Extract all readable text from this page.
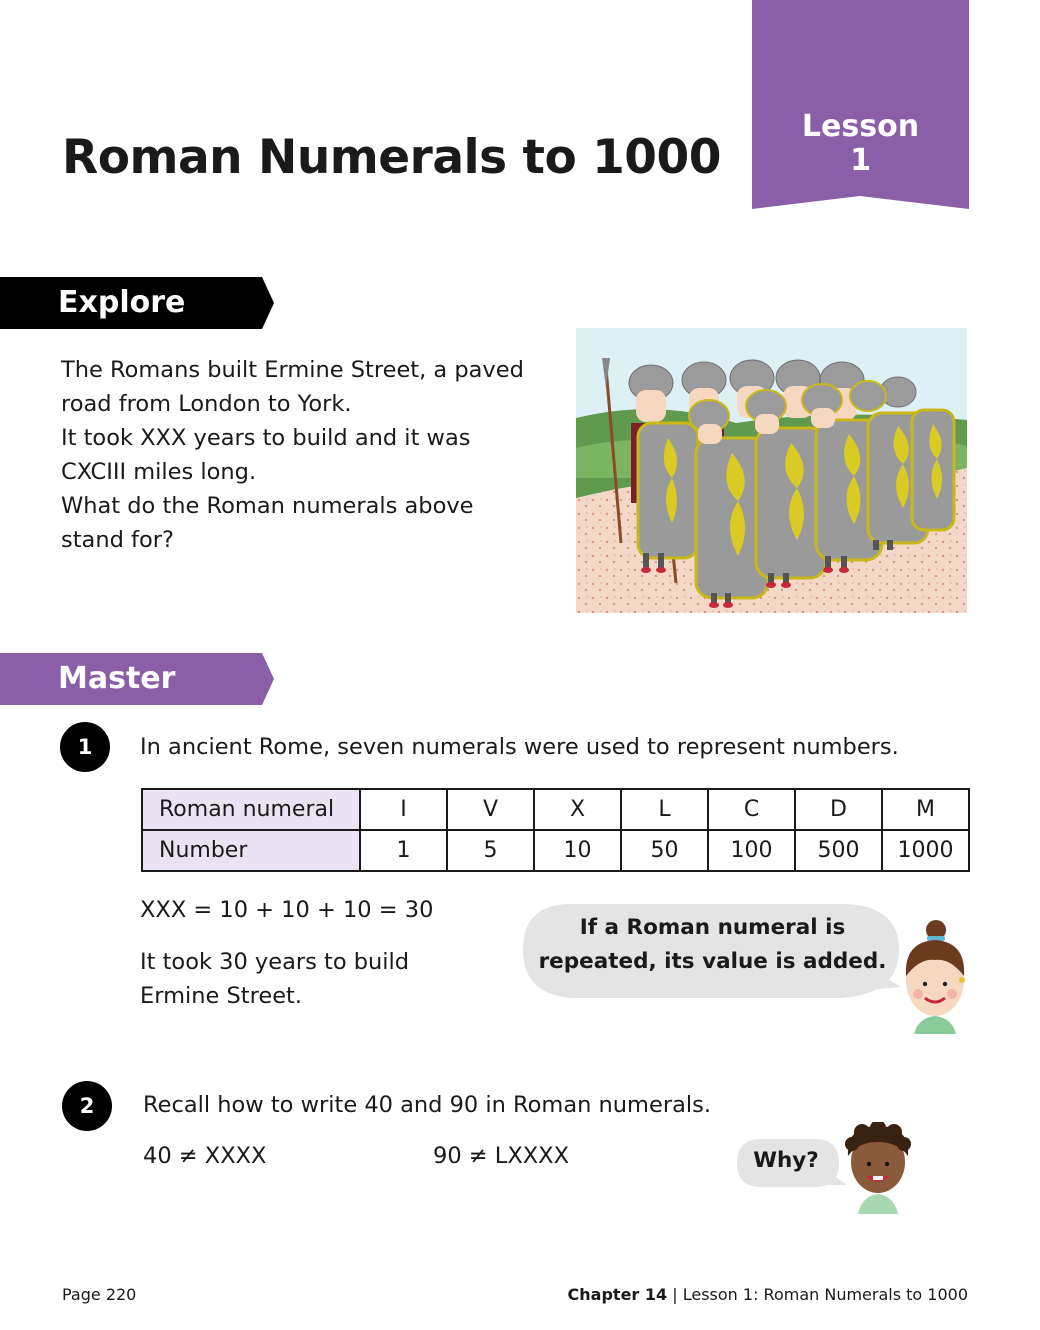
Lesson
1
Roman Numerals to 1000
Explore
The Romans built Ermine Street, a paved
road from London to York.
It took XXX years to build and it was
CXCIII miles long.
What do the Roman numerals above
stand for?
Master
1	In ancient Rome, seven numerals were used to represent numbers.
Roman numeral	I	V	X	L	C	D	M
Number	1	5	10	50	100	500	1000
XXX = 10 + 10 + 10 = 30
It took 30 years to build
Ermine Street.
If a Roman numeral is
repeated, its value is added.
2	Recall how to write 40 and 90 in Roman numerals.
40 ≠ XXXX	90 ≠ LXXXX	Why?
Page 220	Chapter 14 | Lesson 1: Roman Numerals to 1000
